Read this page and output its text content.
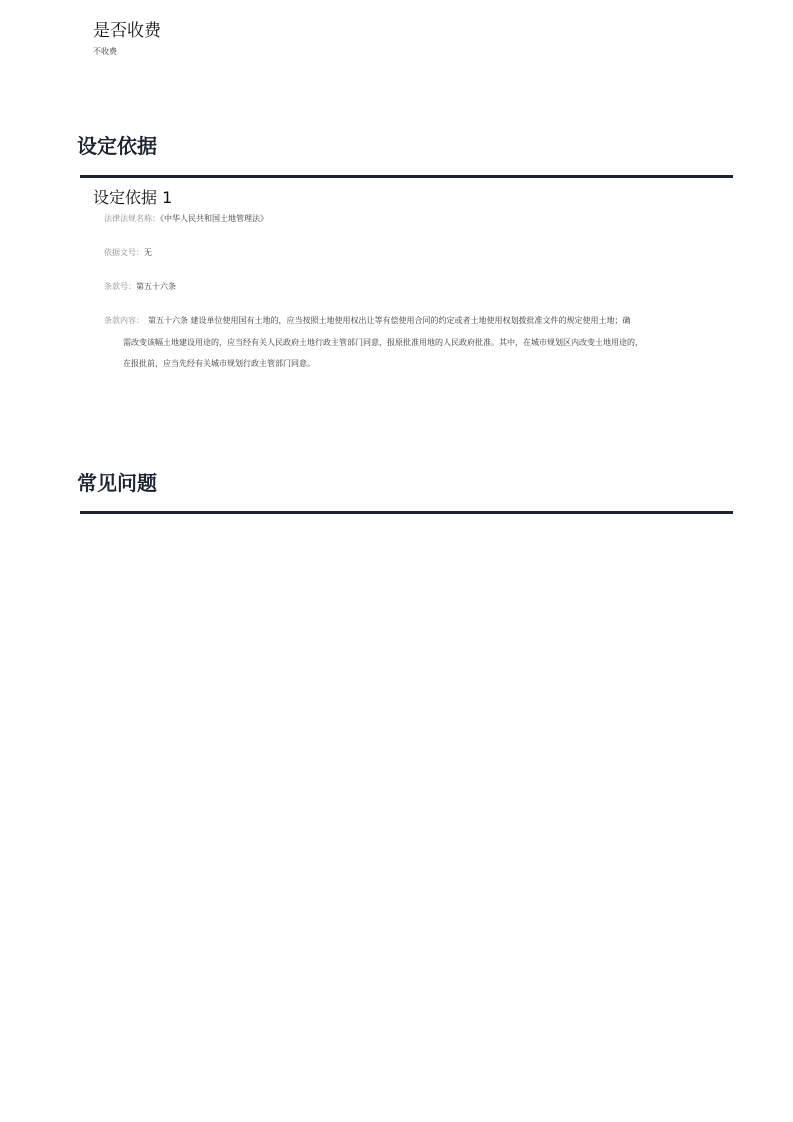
是否收费
不收费
设定依据
设定依据 1
法律法规名称：《中华人民共和国土地管理法》
依据文号：无
条款号：第五十六条
条款内容： 第五十六条 建设单位使用国有土地的，应当按照土地使用权出让等有偿使用合同的约定或者土地使用权划拨批准文件的规定使用土地；确
需改变该幅土地建设用途的，应当经有关人民政府土地行政主管部门同意，报原批准用地的人民政府批准。其中，在城市规划区内改变土地用途的，
在报批前，应当先经有关城市规划行政主管部门同意。
常见问题
